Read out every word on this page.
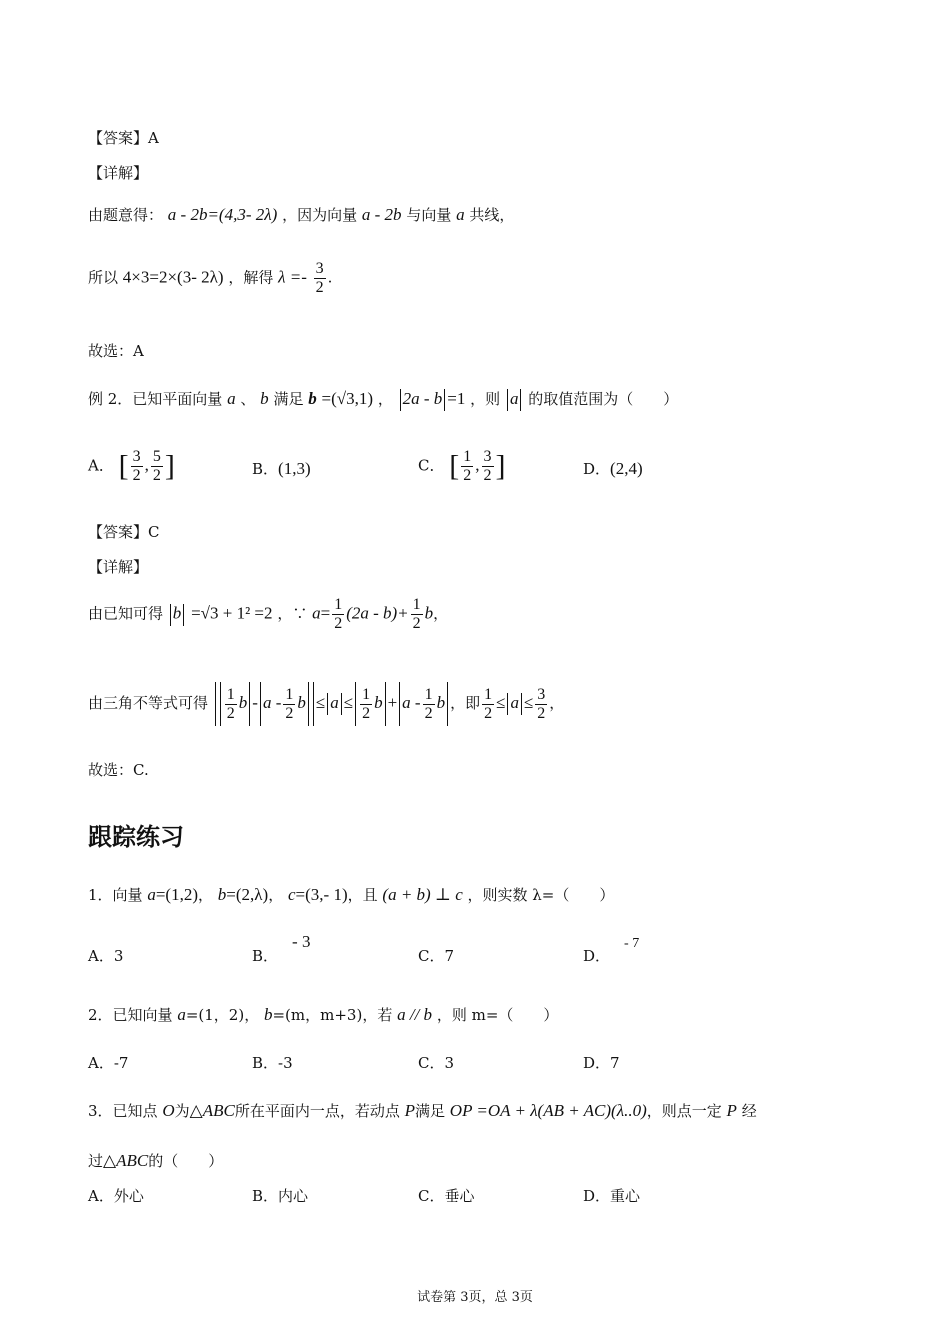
【答案】A
【详解】
由题意得： a - 2b=(4,3- 2λ) ，因为向量 a - 2b 与向量 a 共线，
所以 4×3=2×(3- 2λ) ，解得 $\lambda =- \frac{3}{2}$ .
故选：A
例 2．已知平面向量 a 、 b 满足 b =(√3,1) ， 2a - b =1 ，则 a 的取值范围为（　　）
A． [ $\frac{3}{2}$ , $\frac{5}{2}$ ]	B．(1,3)	C． [ $\frac{1}{2}$ , $\frac{3}{2}$ ]	D．(2,4)
【答案】C
【详解】
由已知可得 b =√3 + 1² =2 ，∵ $a= \frac{1}{2} (2a - b)+ \frac{1}{2}$ b，
由三角不等式可得 $\frac{1}{2}$ b - a - $\frac{1}{2}$ $b \le a \le \frac{1}{2}$ $b + a - \frac{1}{2}$ b ，即 $\frac{1}{2} \le a \le \frac{3}{2}$ ，
故选：C.
跟踪练习
1．向量 a=(1,2)， b=(2,λ)， c=(3,- 1)，且 (a + b) ⊥ c ，则实数 λ=（　　）
A．3	B．- 3
C．7	D．- 7
2．已知向量 a=(1，2)， b=(m，m+3)，若 a // b ，则 m=（　　）
A．-7	B．-3	C．3	D．7
3．已知点 O为△ABC所在平面内一点，若动点 P满足 OP =OA + λ(AB + AC)(λ..0)，则点一定 P 经
过△ABC的（　　）
A．外心	B．内心	C．垂心	D．重心
试卷第 3页，总 3页
